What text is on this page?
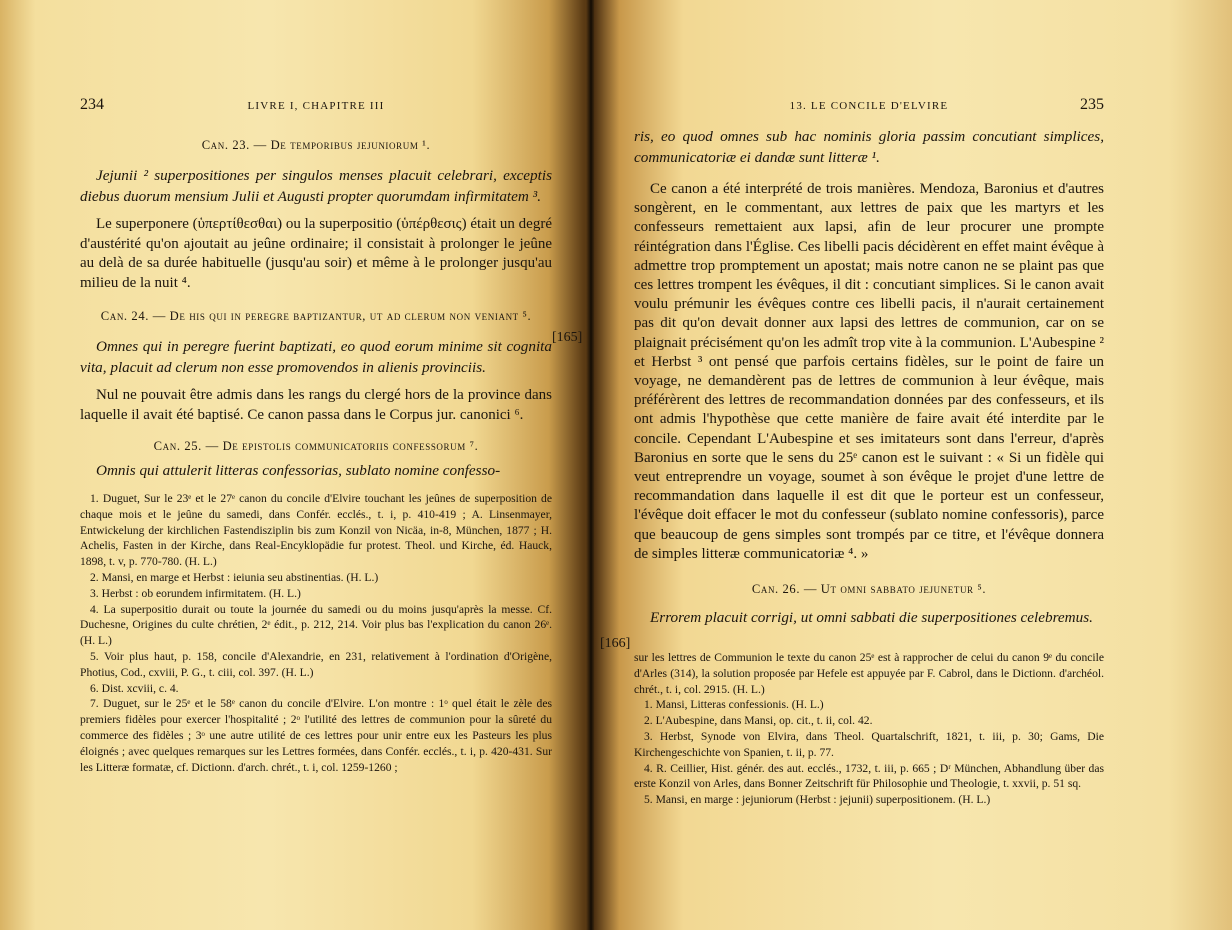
234	LIVRE I, CHAPITRE III
Can. 23. — De temporibus jejuniorum ¹.
Jejunii ² superpositiones per singulos menses placuit celebrari, exceptis diebus duorum mensium Julii et Augusti propter quorumdam infirmitatem ³.
Le superponere (ὑπερτίθεσθαι) ou la superpositio (ὑπέρθεσις) était un degré d'austérité qu'on ajoutait au jeûne ordinaire; il consistait à prolonger le jeûne au delà de sa durée habituelle (jusqu'au soir) et même à le prolonger jusqu'au milieu de la nuit ⁴.
Can. 24. — De his qui in peregre baptizantur, ut ad clerum non veniant ⁵.
Omnes qui in peregre fuerint baptizati, eo quod eorum minime sit cognita vita, placuit ad clerum non esse promovendos in alienis provinciis.
Nul ne pouvait être admis dans les rangs du clergé hors de la province dans laquelle il avait été baptisé. Ce canon passa dans le Corpus jur. canonici ⁶.
Can. 25. — De epistolis communicatoriis confessorum ⁷.
Omnis qui attulerit litteras confessorias, sublato nomine confesso-
1. Duguet, Sur le 23ᵉ et le 27ᵉ canon du concile d'Elvire touchant les jeûnes de superposition de chaque mois et le jeûne du samedi, dans Confér. ecclés., t. i, p. 410-419 ; A. Linsenmayer, Entwickelung der kirchlichen Fastendisziplin bis zum Konzil von Nicäa, in-8, München, 1877 ; H. Achelis, Fasten in der Kirche, dans Real-Encyklopädie fur protest. Theol. und Kirche, éd. Hauck, 1898, t. v, p. 770-780. (H. L.)
2. Mansi, en marge et Herbst : ieiunia seu abstinentias. (H. L.)
3. Herbst : ob eorundem infirmitatem. (H. L.)
4. La superpositio durait ou toute la journée du samedi ou du moins jusqu'après la messe. Cf. Duchesne, Origines du culte chrétien, 2ᵉ édit., p. 212, 214. Voir plus bas l'explication du canon 26ᵉ. (H. L.)
5. Voir plus haut, p. 158, concile d'Alexandrie, en 231, relativement à l'ordination d'Origène, Photius, Cod., cxviii, P. G., t. ciii, col. 397. (H. L.)
6. Dist. xcviii, c. 4.
7. Duguet, sur le 25ᵉ et le 58ᵉ canon du concile d'Elvire. L'on montre : 1ᵒ quel était le zèle des premiers fidèles pour exercer l'hospitalité ; 2ᵒ l'utilité des lettres de communion pour la sûreté du commerce des fidèles ; 3ᵒ une autre utilité de ces lettres pour unir entre eux les Pasteurs les plus éloignés ; avec quelques remarques sur les Lettres formées, dans Confér. ecclés., t. i, p. 420-431. Sur les Litteræ formatæ, cf. Dictionn. d'arch. chrét., t. i, col. 1259-1260 ;
[165]
[166]
13. LE CONCILE D'ELVIRE	235
ris, eo quod omnes sub hac nominis gloria passim concutiant simplices, communicatoriæ ei dandæ sunt litteræ ¹.
Ce canon a été interprété de trois manières. Mendoza, Baronius et d'autres songèrent, en le commentant, aux lettres de paix que les martyrs et les confesseurs remettaient aux lapsi, afin de leur procurer une prompte réintégration dans l'Église. Ces libelli pacis décidèrent en effet maint évêque à admettre trop promptement un apostat; mais notre canon ne se plaint pas que ces lettres trompent les évêques, il dit : concutiant simplices. Si le canon avait voulu prémunir les évêques contre ces libelli pacis, il n'aurait certainement pas dit qu'on devait donner aux lapsi des lettres de communion, car on se plaignait précisément qu'on les admît trop vite à la communion. L'Aubespine ² et Herbst ³ ont pensé que parfois certains fidèles, sur le point de faire un voyage, ne demandèrent pas de lettres de communion à leur évêque, mais préférèrent des lettres de recommandation données par des confesseurs, et ils ont admis l'hypothèse que cette manière de faire avait été interdite par le concile. Cependant L'Aubespine et ses imitateurs sont dans l'erreur, d'après Baronius en sorte que le sens du 25ᵉ canon est le suivant : « Si un fidèle qui veut entreprendre un voyage, soumet à son évêque le projet d'une lettre de recommandation dans laquelle il est dit que le porteur est un confesseur, l'évêque doit effacer le mot du confesseur (sublato nomine confessoris), parce que beaucoup de gens simples sont trompés par ce titre, et l'évêque donnera de simples litteræ communicatoriæ ⁴. »
Can. 26. — Ut omni sabbato jejunetur ⁵.
Errorem placuit corrigi, ut omni sabbati die superpositiones celebremus.
sur les lettres de Communion le texte du canon 25ᵉ est à rapprocher de celui du canon 9ᵉ du concile d'Arles (314), la solution proposée par Hefele est appuyée par F. Cabrol, dans le Dictionn. d'archéol. chrét., t. i, col. 2915. (H. L.)
1. Mansi, Litteras confessionis. (H. L.)
2. L'Aubespine, dans Mansi, op. cit., t. ii, col. 42.
3. Herbst, Synode von Elvira, dans Theol. Quartalschrift, 1821, t. iii, p. 30; Gams, Die Kirchengeschichte von Spanien, t. ii, p. 77.
4. R. Ceillier, Hist. génér. des aut. ecclés., 1732, t. iii, p. 665 ; Dʳ München, Abhandlung über das erste Konzil von Arles, dans Bonner Zeitschrift für Philosophie und Theologie, t. xxvii, p. 51 sq.
5. Mansi, en marge : jejuniorum (Herbst : jejunii) superpositionem. (H. L.)
